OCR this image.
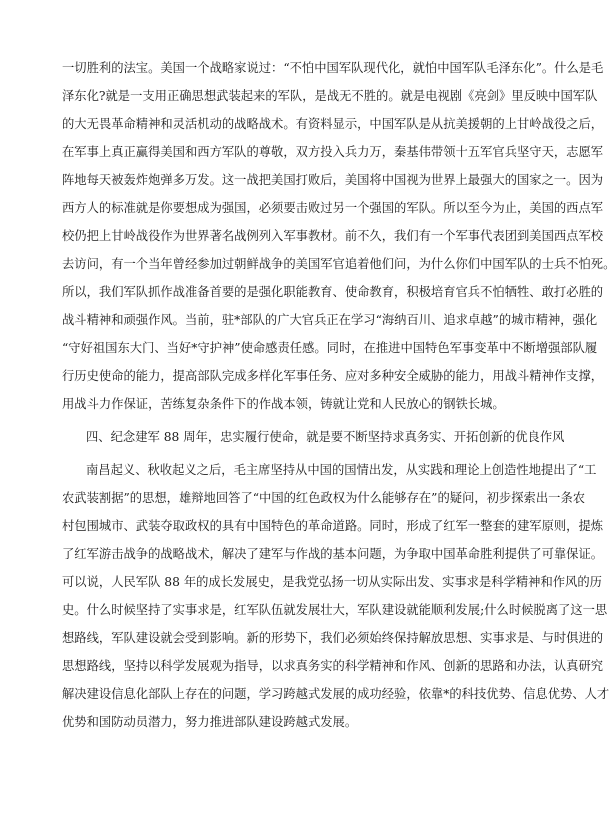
一切胜利的法宝。美国一个战略家说过：“不怕中国军队现代化，就怕中国军队毛泽东化”。什么是毛
泽东化?就是一支用正确思想武装起来的军队，是战无不胜的。就是电视剧《亮剑》里反映中国军队
的大无畏革命精神和灵活机动的战略战术。有资料显示，中国军队是从抗美援朝的上甘岭战役之后，
在军事上真正赢得美国和西方军队的尊敬，双方投入兵力万，秦基伟带领十五军官兵坚守天，志愿军
阵地每天被轰炸炮弹多万发。这一战把美国打败后，美国将中国视为世界上最强大的国家之一。因为
西方人的标准就是你要想成为强国，必须要击败过另一个强国的军队。所以至今为止，美国的西点军
校仍把上甘岭战役作为世界著名战例列入军事教材。前不久，我们有一个军事代表团到美国西点军校
去访问，有一个当年曾经参加过朝鲜战争的美国军官追着他们问，为什么你们中国军队的士兵不怕死。
所以，我们军队抓作战准备首要的是强化职能教育、使命教育，积极培育官兵不怕牺牲、敢打必胜的
战斗精神和顽强作风。当前，驻*部队的广大官兵正在学习“海纳百川、追求卓越”的城市精神，强化
“守好祖国东大门、当好*守护神”使命感责任感。同时，在推进中国特色军事变革中不断增强部队履
行历史使命的能力，提高部队完成多样化军事任务、应对多种安全威胁的能力，用战斗精神作支撑，
用战斗力作保证，苦练复杂条件下的作战本领，铸就让党和人民放心的钢铁长城。
四、纪念建军 88 周年，忠实履行使命，就是要不断坚持求真务实、开拓创新的优良作风
南昌起义、秋收起义之后，毛主席坚持从中国的国情出发，从实践和理论上创造性地提出了“工
农武装割据”的思想，雄辩地回答了“中国的红色政权为什么能够存在”的疑问，初步探索出一条农
村包围城市、武装夺取政权的具有中国特色的革命道路。同时，形成了红军一整套的建军原则，提炼
了红军游击战争的战略战术，解决了建军与作战的基本问题，为争取中国革命胜利提供了可靠保证。
可以说，人民军队 88 年的成长发展史，是我党弘扬一切从实际出发、实事求是科学精神和作风的历
史。什么时候坚持了实事求是，红军队伍就发展壮大，军队建设就能顺利发展;什么时候脱离了这一思
想路线，军队建设就会受到影响。新的形势下，我们必须始终保持解放思想、实事求是、与时俱进的
思想路线，坚持以科学发展观为指导，以求真务实的科学精神和作风、创新的思路和办法，认真研究
解决建设信息化部队上存在的问题，学习跨越式发展的成功经验，依靠*的科技优势、信息优势、人才
优势和国防动员潜力，努力推进部队建设跨越式发展。
